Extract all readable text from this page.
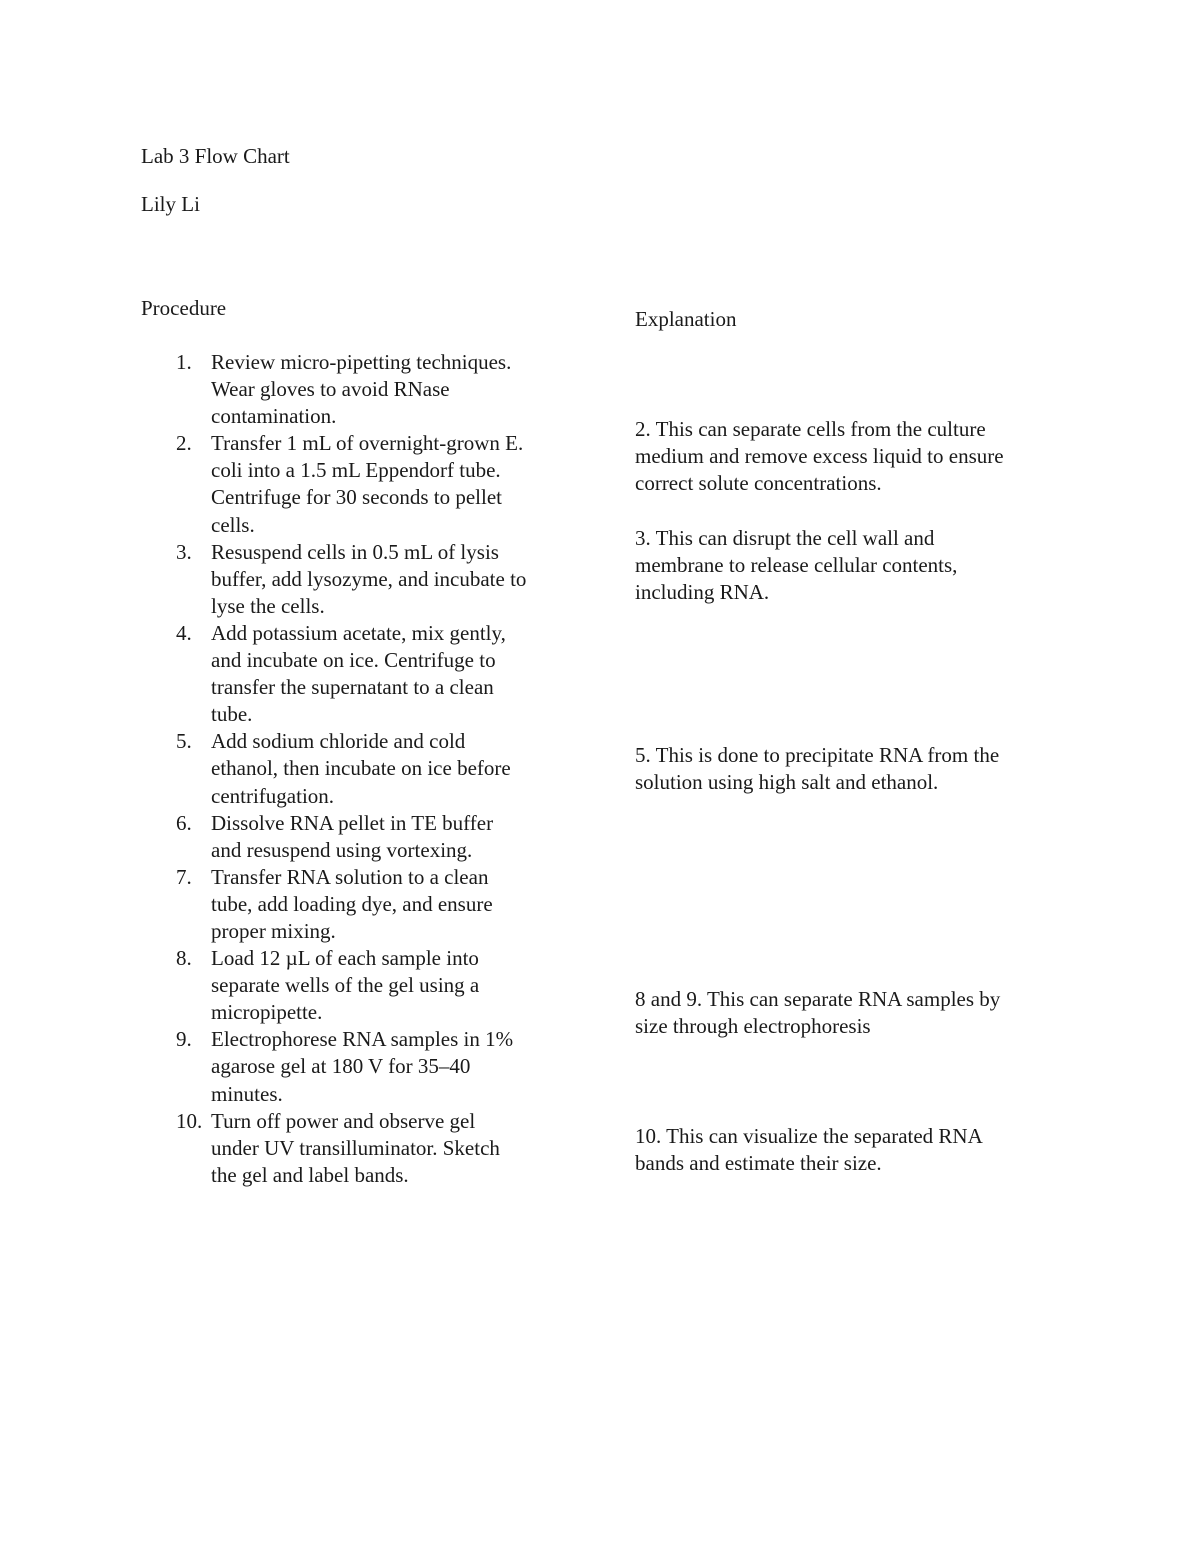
Lab 3 Flow Chart
Lily Li
Procedure	Explanation
1. Review micro-pipetting techniques.
Wear gloves to avoid RNase
contamination.
2. Transfer 1 mL of overnight-grown E.
coli into a 1.5 mL Eppendorf tube.
Centrifuge for 30 seconds to pellet
cells.
3. Resuspend cells in 0.5 mL of lysis
buffer, add lysozyme, and incubate to
lyse the cells.
4. Add potassium acetate, mix gently,
and incubate on ice. Centrifuge to
transfer the supernatant to a clean
tube.
5. Add sodium chloride and cold
ethanol, then incubate on ice before
centrifugation.
6. Dissolve RNA pellet in TE buffer
and resuspend using vortexing.
7. Transfer RNA solution to a clean
tube, add loading dye, and ensure
proper mixing.
8. Load 12 µL of each sample into
separate wells of the gel using a
micropipette.
9. Electrophorese RNA samples in 1%
agarose gel at 180 V for 35–40
minutes.
10. Turn off power and observe gel
under UV transilluminator. Sketch
the gel and label bands.
2. This can separate cells from the culture
medium and remove excess liquid to ensure
correct solute concentrations.
3. This can disrupt the cell wall and
membrane to release cellular contents,
including RNA.
5. This is done to precipitate RNA from the
solution using high salt and ethanol.
8 and 9. This can separate RNA samples by
size through electrophoresis
10. This can visualize the separated RNA
bands and estimate their size.
